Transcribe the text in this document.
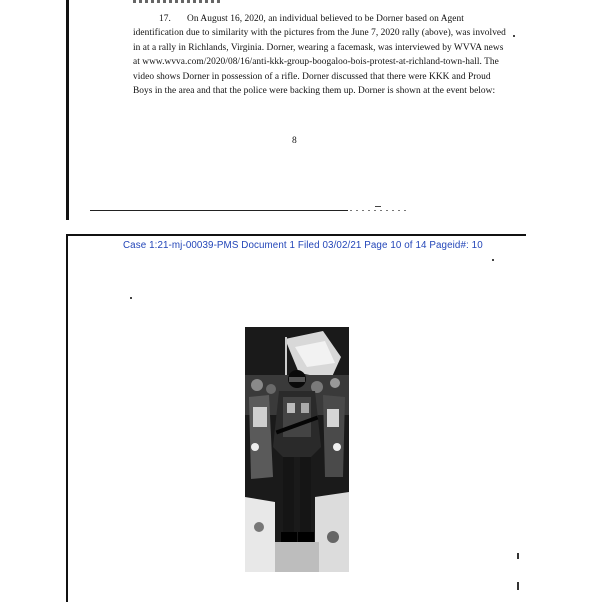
17. On August 16, 2020, an individual believed to be Dorner based on Agent
identification due to similarity with the pictures from the June 7, 2020 rally (above), was involved
in at a rally in Richlands, Virginia. Dorner, wearing a facemask, was interviewed by WVVA news
at www.wvva.com/2020/08/16/anti-kkk-group-boogaloo-bois-protest-at-richland-town-hall. The
video shows Dorner in possession of a rifle. Dorner discussed that there were KKK and Proud
Boys in the area and that the police were backing them up. Dorner is shown at the event below:
8
Case 1:21-mj-00039-PMS Document 1 Filed 03/02/21 Page 10 of 14 Pageid#: 10
